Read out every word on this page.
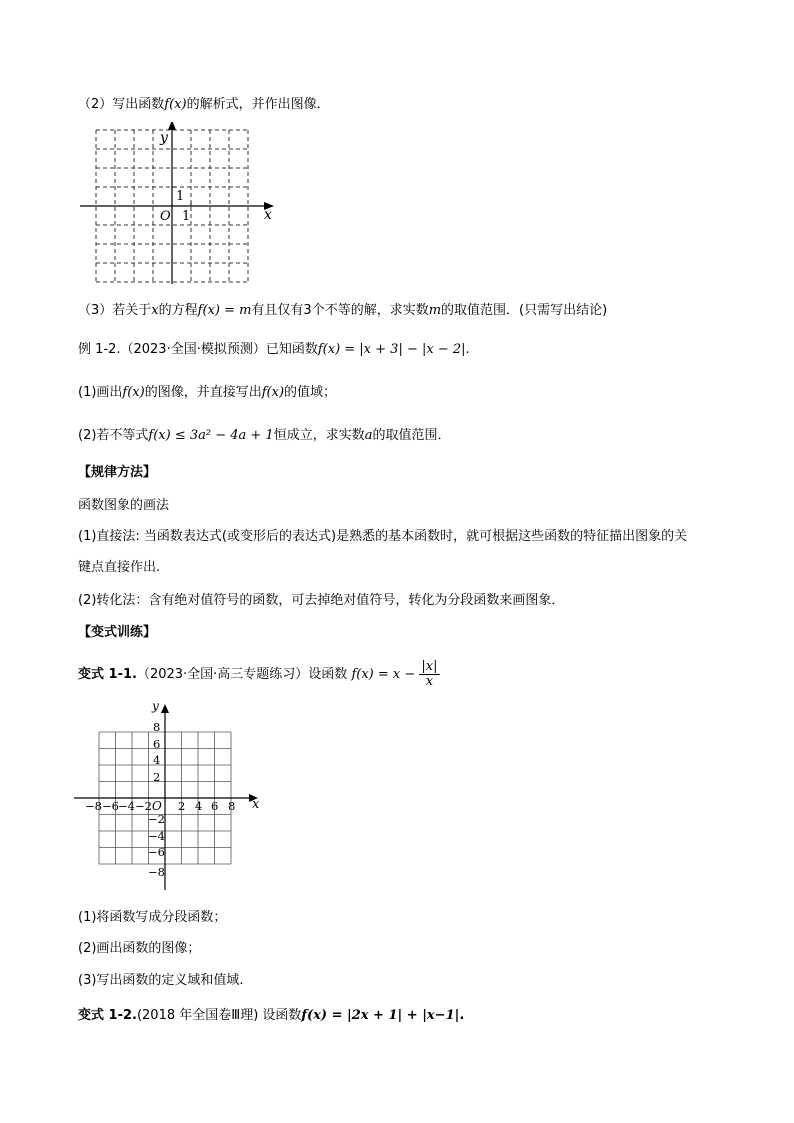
（2）写出函数f(x)的解析式，并作出图像．
y
x
O
1
1
（3）若关于x的方程f(x) = m有且仅有3个不等的解，求实数m的取值范围．(只需写出结论)
例 1-2.（2023·全国·模拟预测）已知函数f(x) = |x + 3| − |x − 2|.
(1)画出f(x)的图像，并直接写出f(x)的值域；
(2)若不等式f(x) ≤ 3a² − 4a + 1恒成立，求实数a的取值范围．
【规律方法】
函数图象的画法
(1)直接法: 当函数表达式(或变形后的表达式)是熟悉的基本函数时，就可根据这些函数的特征描出图象的关
键点直接作出.
(2)转化法：含有绝对值符号的函数，可去掉绝对值符号，转化为分段函数来画图象．
【变式训练】
变式 1-1.（2023·全国·高三专题练习）设函数 $f(x) = x - \frac{|x|}{x}$
y
x
O
−8 −6 −4 −2 2 4 6 8
8
6
4
2
−2
−4
−6
−8
(1)将函数写成分段函数；
(2)画出函数的图像；
(3)写出函数的定义域和值域.
变式 1-2.(2018 年全国卷Ⅲ理) 设函数f(x) = |2x + 1| + |x−1|.
